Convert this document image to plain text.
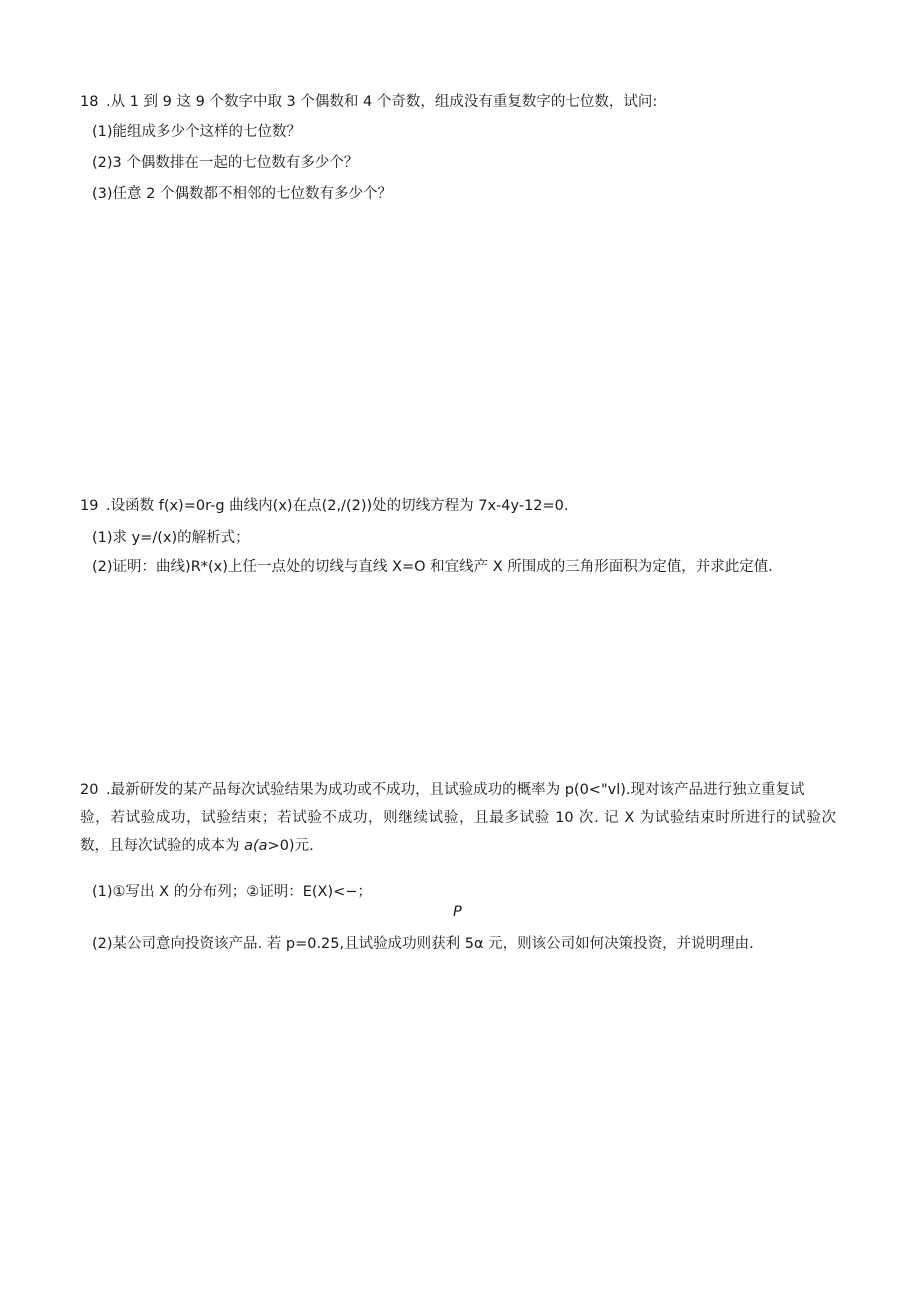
18 .从 1 到 9 这 9 个数字中取 3 个偶数和 4 个奇数，组成没有重复数字的七位数，试问:
(1)能组成多少个这样的七位数？
(2)3 个偶数排在一起的七位数有多少个？
(3)任意 2 个偶数都不相邻的七位数有多少个？
19 .设函数 f(x)=0r-g 曲线内(x)在点(2,/(2))处的切线方程为 7x-4y-12=0.
(1)求 y=/(x)的解析式；
(2)证明：曲线)R*(x)上任一点处的切线与直线 X=O 和宜线产 X 所围成的三角形面积为定值，并求此定值.
20 .最新研发的某产品每次试验结果为成功或不成功，且试验成功的概率为 p(0<"vl).现对该产品进行独立重复试
验，若试验成功，试验结束；若试验不成功，则继续试验，且最多试验 10 次. 记 X 为试验结束时所进行的试验次
数，且每次试验的成本为 a(a>0)元.
(1)①写出 X 的分布列；②证明：E(X)<−；
P
(2)某公司意向投资该产品. 若 p=0.25,且试验成功则获利 5α 元，则该公司如何决策投资，并说明理由.
